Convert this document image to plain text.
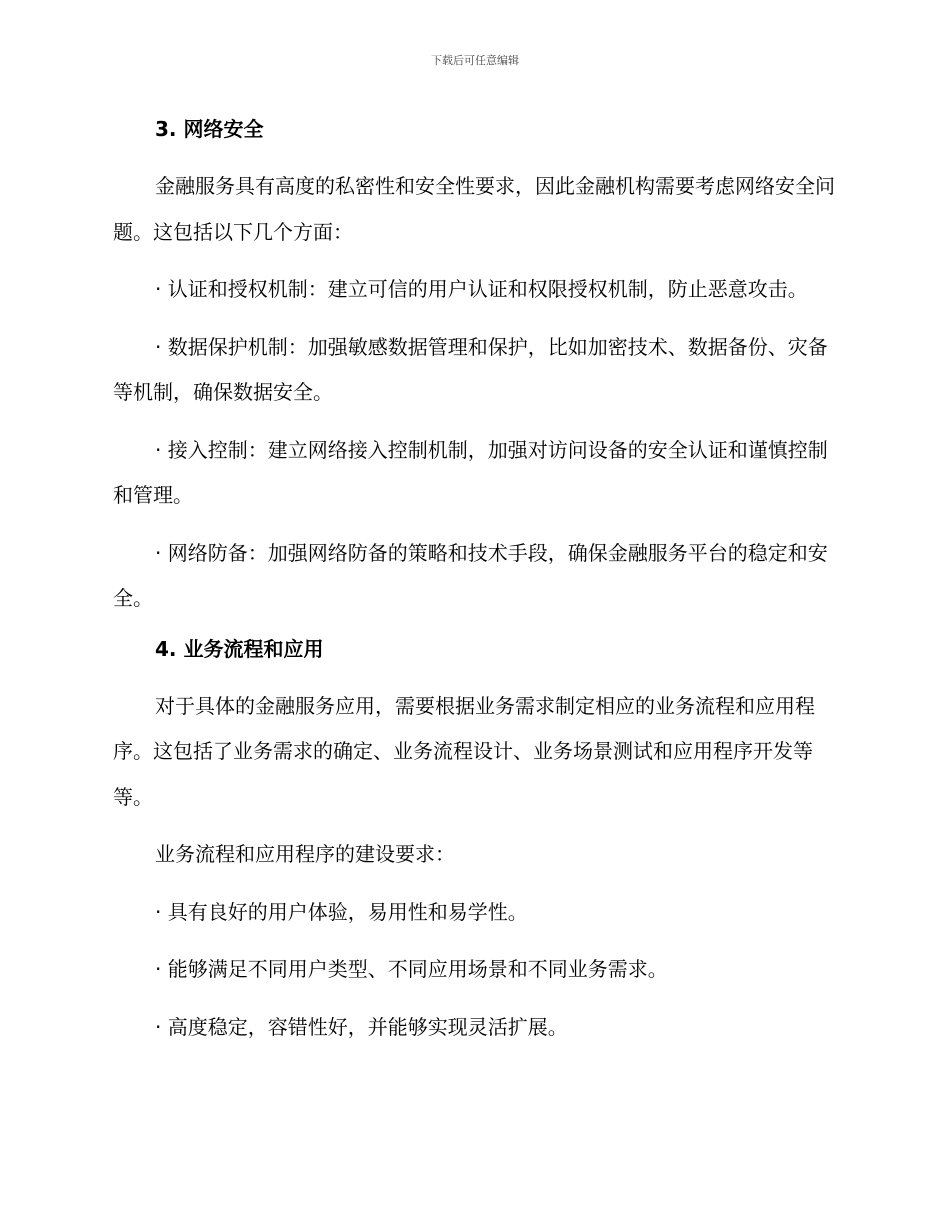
下载后可任意编辑
3. 网络安全

金融服务具有高度的私密性和安全性要求，因此金融机构需要考虑网络安全问题。这包括以下几个方面：

· 认证和授权机制：建立可信的用户认证和权限授权机制，防止恶意攻击。

· 数据保护机制：加强敏感数据管理和保护，比如加密技术、数据备份、灾备等机制，确保数据安全。

· 接入控制：建立网络接入控制机制，加强对访问设备的安全认证和谨慎控制和管理。

· 网络防备：加强网络防备的策略和技术手段，确保金融服务平台的稳定和安全。

4. 业务流程和应用

对于具体的金融服务应用，需要根据业务需求制定相应的业务流程和应用程序。这包括了业务需求的确定、业务流程设计、业务场景测试和应用程序开发等等。

业务流程和应用程序的建设要求：

· 具有良好的用户体验，易用性和易学性。

· 能够满足不同用户类型、不同应用场景和不同业务需求。

· 高度稳定，容错性好，并能够实现灵活扩展。
